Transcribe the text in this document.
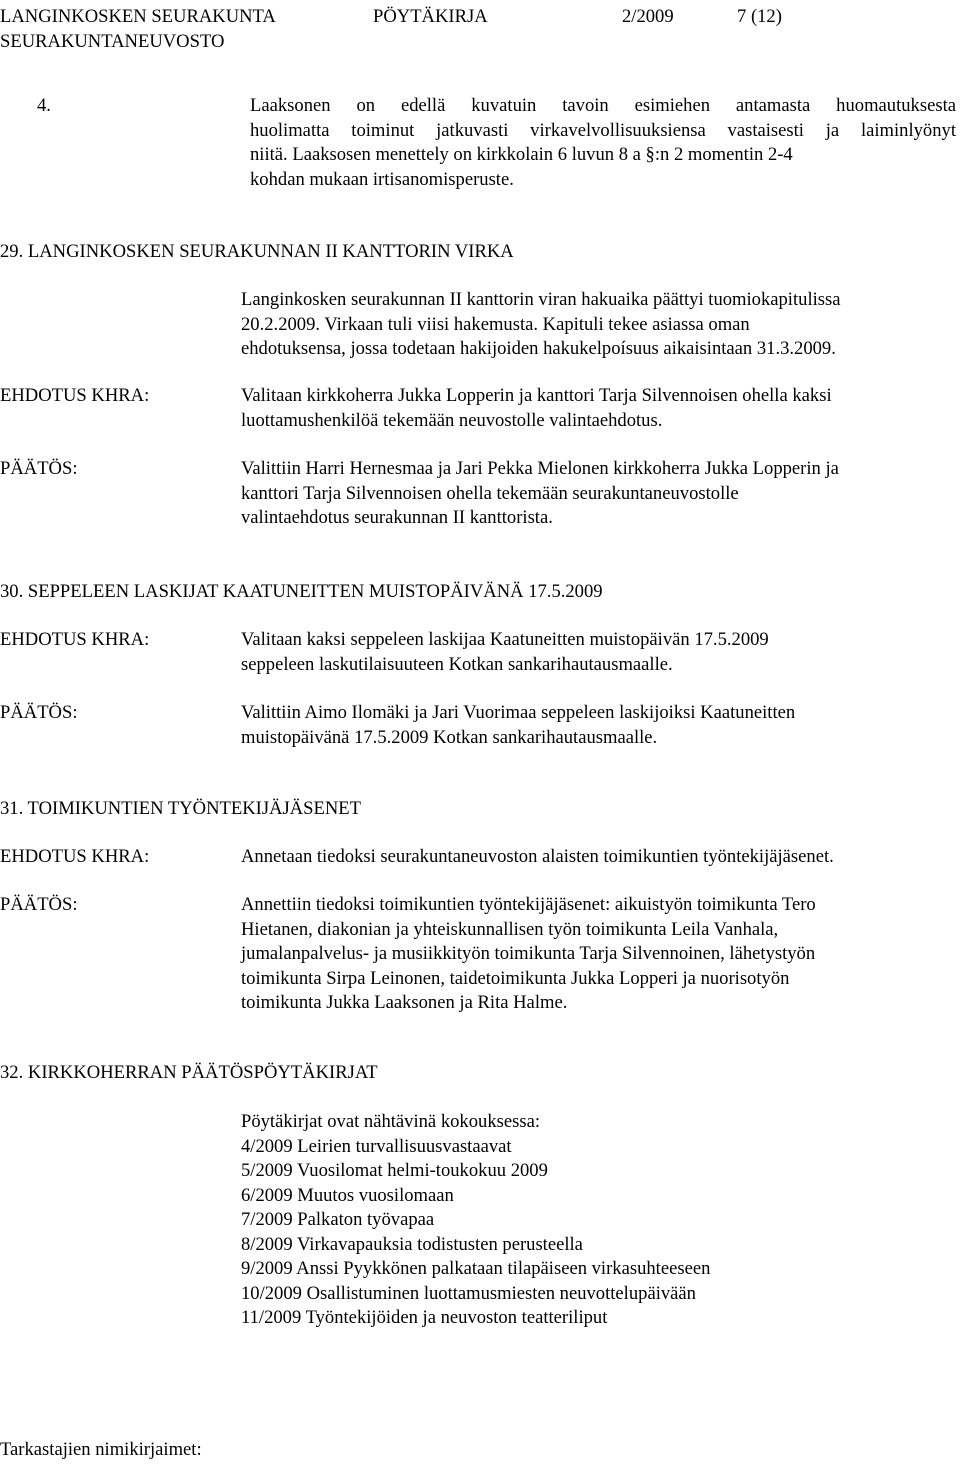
LANGINKOSKEN SEURAKUNTA	PÖYTÄKIRJA	2/2009	7 (12)
SEURAKUNTANEUVOSTO
4.	Laaksonen on edellä kuvatuin tavoin esimiehen antamasta huomautuksesta
huolimatta toiminut jatkuvasti virkavelvollisuuksiensa vastaisesti ja laiminlyönyt
niitä. Laaksosen menettely on kirkkolain 6 luvun 8 a §:n 2 momentin 2-4
kohdan mukaan irtisanomisperuste.
29. LANGINKOSKEN SEURAKUNNAN II KANTTORIN VIRKA
Langinkosken seurakunnan II kanttorin viran hakuaika päättyi tuomiokapitulissa
20.2.2009. Virkaan tuli viisi hakemusta. Kapituli tekee asiassa oman
ehdotuksensa, jossa todetaan hakijoiden hakukelpoísuus aikaisintaan 31.3.2009.
EHDOTUS KHRA:	Valitaan kirkkoherra Jukka Lopperin ja kanttori Tarja Silvennoisen ohella kaksi
luottamushenkilöä tekemään neuvostolle valintaehdotus.
PÄÄTÖS:	Valittiin Harri Hernesmaa ja Jari Pekka Mielonen kirkkoherra Jukka Lopperin ja
kanttori Tarja Silvennoisen ohella tekemään seurakuntaneuvostolle
valintaehdotus seurakunnan II kanttorista.
30. SEPPELEEN LASKIJAT KAATUNEITTEN MUISTOPÄIVÄNÄ 17.5.2009
EHDOTUS KHRA:	Valitaan kaksi seppeleen laskijaa Kaatuneitten muistopäivän 17.5.2009
seppeleen laskutilaisuuteen Kotkan sankarihautausmaalle.
PÄÄTÖS:	Valittiin Aimo Ilomäki ja Jari Vuorimaa seppeleen laskijoiksi Kaatuneitten
muistopäivänä 17.5.2009 Kotkan sankarihautausmaalle.
31. TOIMIKUNTIEN TYÖNTEKIJÄJÄSENET
EHDOTUS KHRA:	Annetaan tiedoksi seurakuntaneuvoston alaisten toimikuntien työntekijäjäsenet.
PÄÄTÖS:	Annettiin tiedoksi toimikuntien työntekijäjäsenet: aikuistyön toimikunta Tero
Hietanen, diakonian ja yhteiskunnallisen työn toimikunta Leila Vanhala,
jumalanpalvelus- ja musiikkityön toimikunta Tarja Silvennoinen, lähetystyön
toimikunta Sirpa Leinonen, taidetoimikunta Jukka Lopperi ja nuorisotyön
toimikunta Jukka Laaksonen ja Rita Halme.
32. KIRKKOHERRAN PÄÄTÖSPÖYTÄKIRJAT
Pöytäkirjat ovat nähtävinä kokouksessa:
4/2009 Leirien turvallisuusvastaavat
5/2009 Vuosilomat helmi-toukokuu 2009
6/2009 Muutos vuosilomaan
7/2009 Palkaton työvapaa
8/2009 Virkavapauksia todistusten perusteella
9/2009 Anssi Pyykkönen palkataan tilapäiseen virkasuhteeseen
10/2009 Osallistuminen luottamusmiesten neuvottelupäivään
11/2009 Työntekijöiden ja neuvoston teatteriliput
Tarkastajien nimikirjaimet:
